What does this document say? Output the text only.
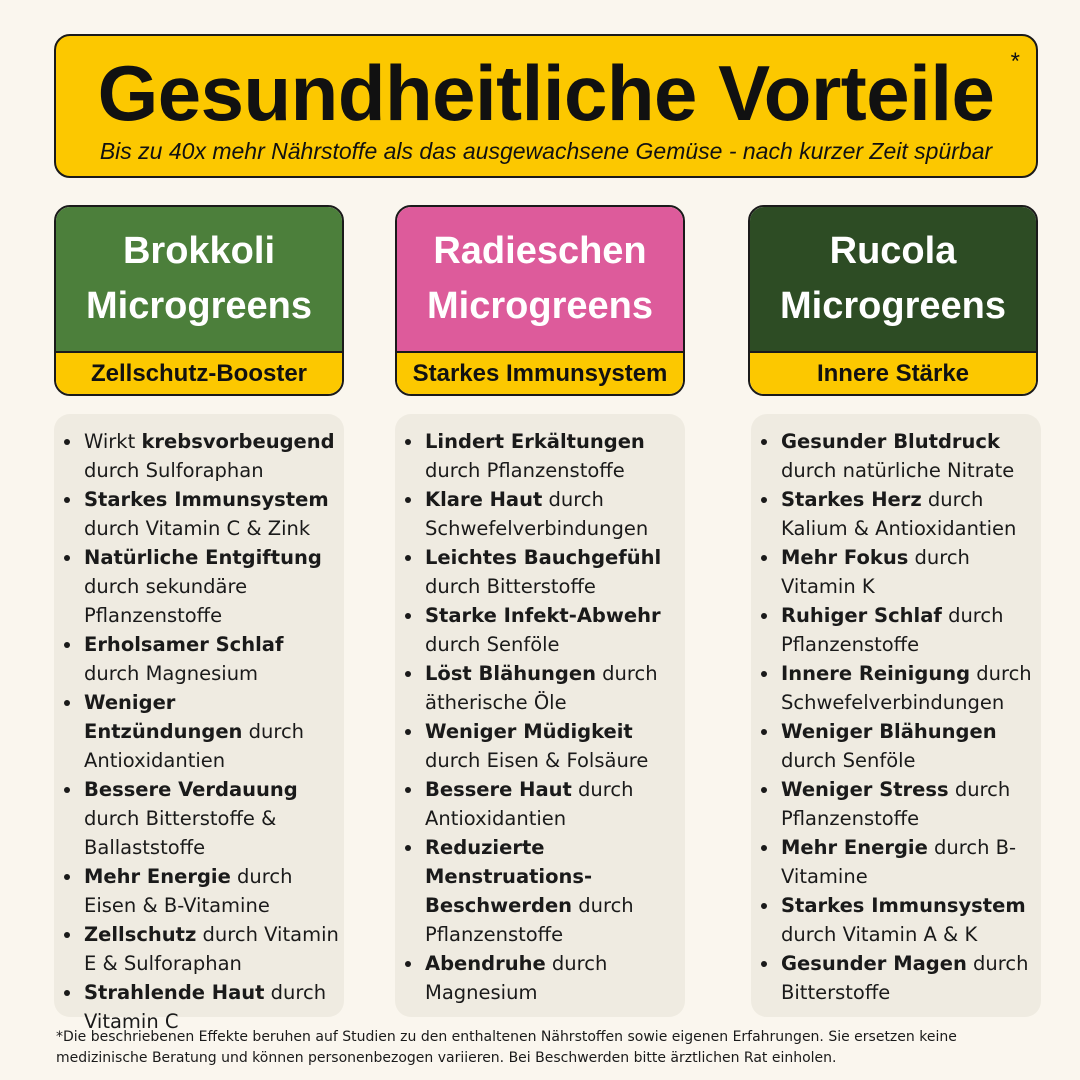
Gesundheitliche Vorteile *
Bis zu 40x mehr Nährstoffe als das ausgewachsene Gemüse - nach kurzer Zeit spürbar
Brokkoli
Microgreens
Zellschutz-Booster
Wirkt krebsvorbeugend durch Sulforaphan
Starkes Immunsystem durch Vitamin C & Zink
Natürliche Entgiftung durch sekundäre Pflanzenstoffe
Erholsamer Schlaf durch Magnesium
Weniger Entzündungen durch Antioxidantien
Bessere Verdauung durch Bitterstoffe & Ballaststoffe
Mehr Energie durch Eisen & B-Vitamine
Zellschutz durch Vitamin E & Sulforaphan
Strahlende Haut durch Vitamin C
Radieschen
Microgreens
Starkes Immunsystem
Lindert Erkältungen durch Pflanzenstoffe
Klare Haut durch Schwefelverbindungen
Leichtes Bauchgefühl durch Bitterstoffe
Starke Infekt-Abwehr durch Senföle
Löst Blähungen durch ätherische Öle
Weniger Müdigkeit durch Eisen & Folsäure
Bessere Haut durch Antioxidantien
Reduzierte Menstruations-Beschwerden durch Pflanzenstoffe
Abendruhe durch Magnesium
Rucola
Microgreens
Innere Stärke
Gesunder Blutdruck durch natürliche Nitrate
Starkes Herz durch Kalium & Antioxidantien
Mehr Fokus durch Vitamin K
Ruhiger Schlaf durch Pflanzenstoffe
Innere Reinigung durch Schwefelverbindungen
Weniger Blähungen durch Senföle
Weniger Stress durch Pflanzenstoffe
Mehr Energie durch B-Vitamine
Starkes Immunsystem durch Vitamin A & K
Gesunder Magen durch Bitterstoffe
*Die beschriebenen Effekte beruhen auf Studien zu den enthaltenen Nährstoffen sowie eigenen Erfahrungen. Sie ersetzen keine medizinische Beratung und können personenbezogen variieren. Bei Beschwerden bitte ärztlichen Rat einholen.
